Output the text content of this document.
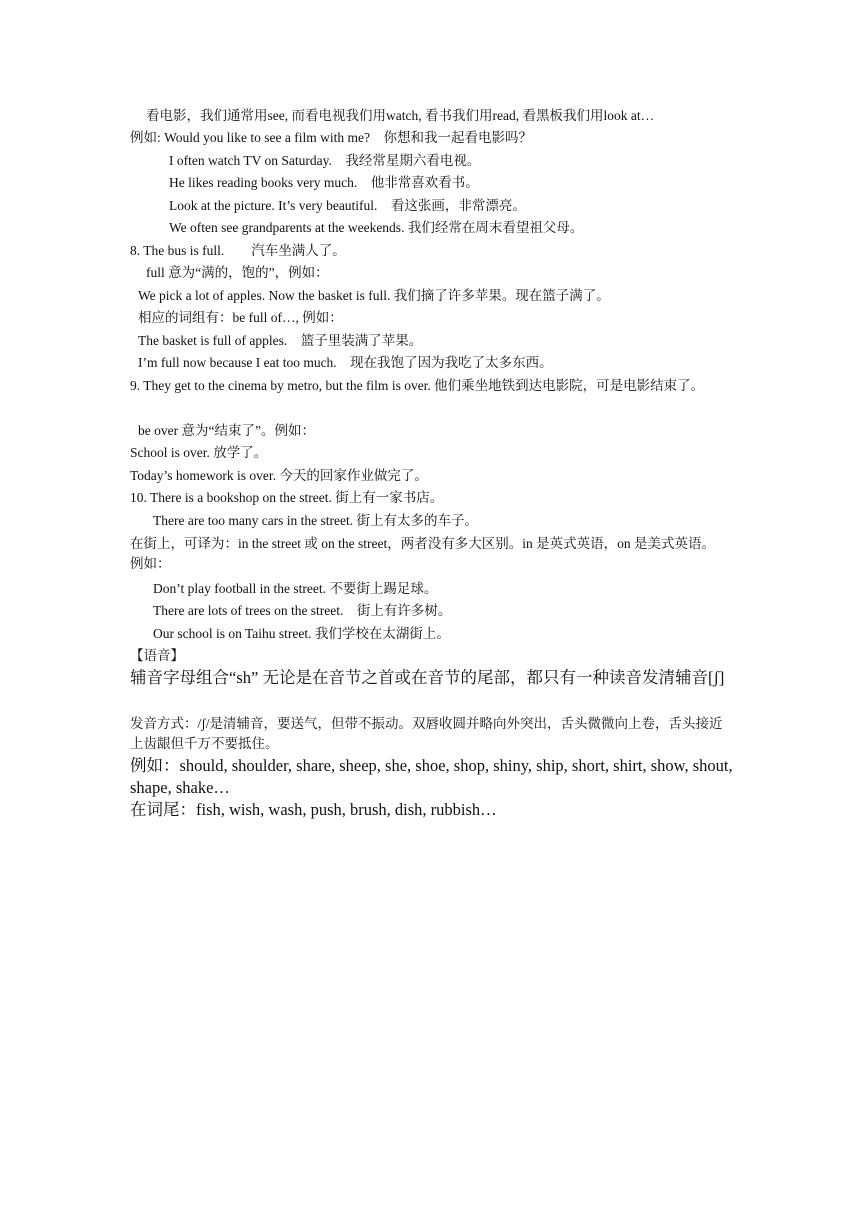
看电影，我们通常用see, 而看电视我们用watch, 看书我们用read, 看黑板我们用look at…
例如: Would you like to see a film with me?　你想和我一起看电影吗？
I often watch TV on Saturday.　我经常星期六看电视。
He likes reading books very much.　他非常喜欢看书。
Look at the picture. It’s very beautiful.　看这张画，非常漂亮。
We often see grandparents at the weekends. 我们经常在周末看望祖父母。
8. The bus is full.　　汽车坐满人了。
full 意为“满的，饱的”，例如：
We pick a lot of apples. Now the basket is full. 我们摘了许多苹果。现在篮子满了。
相应的词组有：be full of…, 例如：
The basket is full of apples.　篮子里装满了苹果。
I’m full now because I eat too much.　现在我饱了因为我吃了太多东西。
9. They get to the cinema by metro, but the film is over. 他们乘坐地铁到达电影院，可是电影结束了。
be over 意为“结束了”。例如：
School is over. 放学了。
Today’s homework is over. 今天的回家作业做完了。
10. There is a bookshop on the street. 街上有一家书店。
There are too many cars in the street. 街上有太多的车子。
在街上，可译为：in the street 或 on the street，两者没有多大区别。in 是英式英语，on 是美式英语。　例如：
Don’t play football in the street. 不要街上踢足球。
There are lots of trees on the street.　街上有许多树。
Our school is on Taihu street. 我们学校在太湖街上。
【语音】
辅音字母组合“sh” 无论是在音节之首或在音节的尾部，都只有一种读音发清辅音[ʃ]
发音方式：/ʃ/是清辅音，要送气，但带不振动。双唇收圆并略向外突出，舌头微微向上卷，舌头接近上齿龈但千万不要抵住。
例如：should, shoulder, share, sheep, she, shoe, shop, shiny, ship, short, shirt, show, shout, shape, shake…
在词尾：fish, wish, wash, push, brush, dish, rubbish…
